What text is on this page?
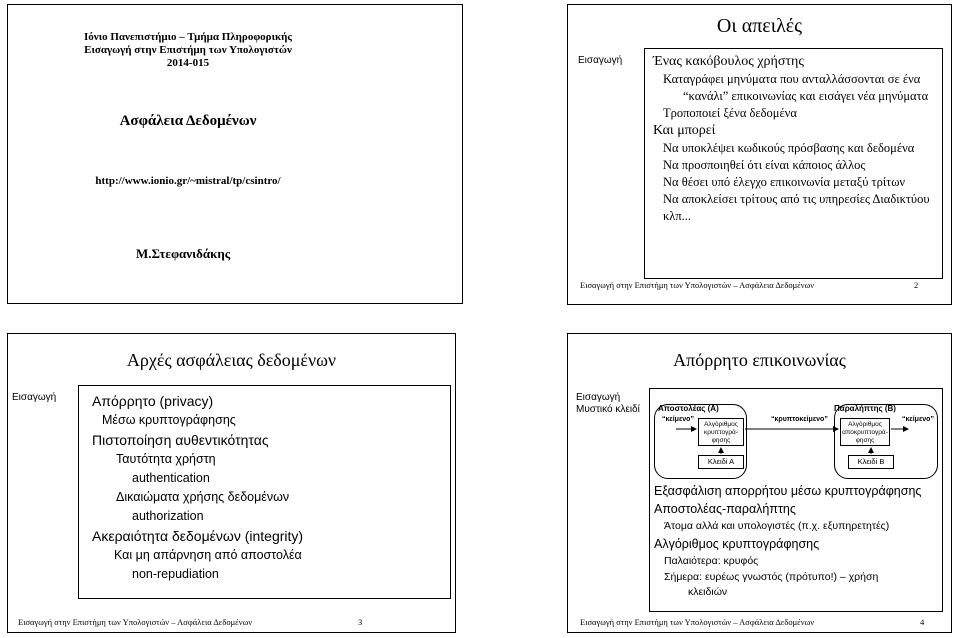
Ιόνιο Πανεπιστήμιο – Τμήμα Πληροφορικής
Εισαγωγή στην Επιστήμη των Υπολογιστών
2014-015
Ασφάλεια Δεδομένων
http://www.ionio.gr/~mistral/tp/csintro/
Μ.Στεφανιδάκης
Οι απειλές
Εισαγωγή Ένας κακόβουλος χρήστης
Καταγράφει μηνύματα που ανταλλάσσονται σε ένα
“κανάλι” επικοινωνίας και εισάγει νέα μηνύματα
Τροποποιεί ξένα δεδομένα
Και μπορεί
Να υποκλέψει κωδικούς πρόσβασης και δεδομένα
Να προσποιηθεί ότι είναι κάποιος άλλος
Να θέσει υπό έλεγχο επικοινωνία μεταξύ τρίτων
Να αποκλείσει τρίτους από τις υπηρεσίες Διαδικτύου
κλπ...
Εισαγωγή στην Επιστήμη των Υπολογιστών – Ασφάλεια Δεδομένων	2
Αρχές ασφάλειας δεδομένων
Εισαγωγή	Απόρρητο (privacy)
Μέσω κρυπτογράφησης
Πιστοποίηση αυθεντικότητας
Ταυτότητα χρήστη
authentication
Δικαιώματα χρήσης δεδομένων
authorization
Ακεραιότητα δεδομένων (integrity)
Και μη απάρνηση από αποστολέα
non-repudiation
Εισαγωγή στην Επιστήμη των Υπολογιστών – Ασφάλεια Δεδομένων	3
Απόρρητο επικοινωνίας
Εισαγωγή
Μυστικό κλειδί Αποστολέας (Α)	Παραλήπτης (Β)
“κείμενο”	“κρυπτοκείμενο”	“κείμενο”
Αλγόριθμος κρυπτογρά-φησης
Αλγόριθμος αποκρυπτογρά-φησης
Κλειδί Α	Κλειδί Β
Εξασφάλιση απορρήτου μέσω κρυπτογράφησης
Αποστολέας-παραλήπτης
Άτομα αλλά και υπολογιστές (π.χ. εξυπηρετητές)
Αλγόριθμος κρυπτογράφησης
Παλαιότερα: κρυφός
Σήμερα: ευρέως γνωστός (πρότυπο!) – χρήση
κλειδιών
Εισαγωγή στην Επιστήμη των Υπολογιστών – Ασφάλεια Δεδομένων	4
